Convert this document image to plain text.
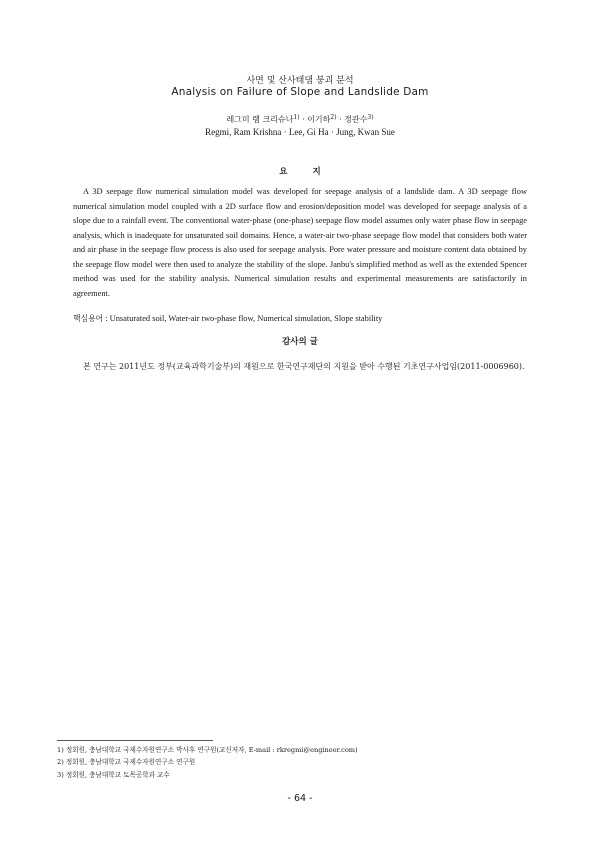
사면 및 산사태댐 붕괴 분석
Analysis on Failure of Slope and Landslide Dam
레그미 램 크리슈나$^{1)}$ · 이기하$^{2)}$ · 정관수$^{3)}$
Regmi, Ram Krishna · Lee, Gi Ha · Jung, Kwan Sue
요 지

A 3D seepage flow numerical simulation model was developed for seepage analysis of a landslide dam. A 3D seepage flow numerical simulation model coupled with a 2D surface flow and erosion/deposition model was developed for seepage analysis of a slope due to a rainfall event. The conventional water-phase (one-phase) seepage flow model assumes only water phase flow in seepage analysis, which is inadequate for unsaturated soil domains. Hence, a water-air two-phase seepage flow model that considers both water and air phase in the seepage flow process is also used for seepage analysis. Pore water pressure and moisture content data obtained by the seepage flow model were then used to analyze the stability of the slope. Janbu's simplified method as well as the extended Spencer method was used for the stability analysis. Numerical simulation results and experimental measurements are satisfactorily in agreement.

핵심용어 : Unsaturated soil, Water-air two-phase flow, Numerical simulation, Slope stability
감사의 글

본 연구는 2011년도 정부(교육과학기술부)의 재원으로 한국연구재단의 지원을 받아 수행된 기초연구사업임(2011-0006960).

1) 정회원, 충남대학교 국제수자원연구소 박사후 연구원(교신저자, E-mail : rkregmi@engineer.com)
2) 정회원, 충남대학교 국제수자원연구소 연구원
3) 정회원, 충남대학교 토목공학과 교수
- 64 -
